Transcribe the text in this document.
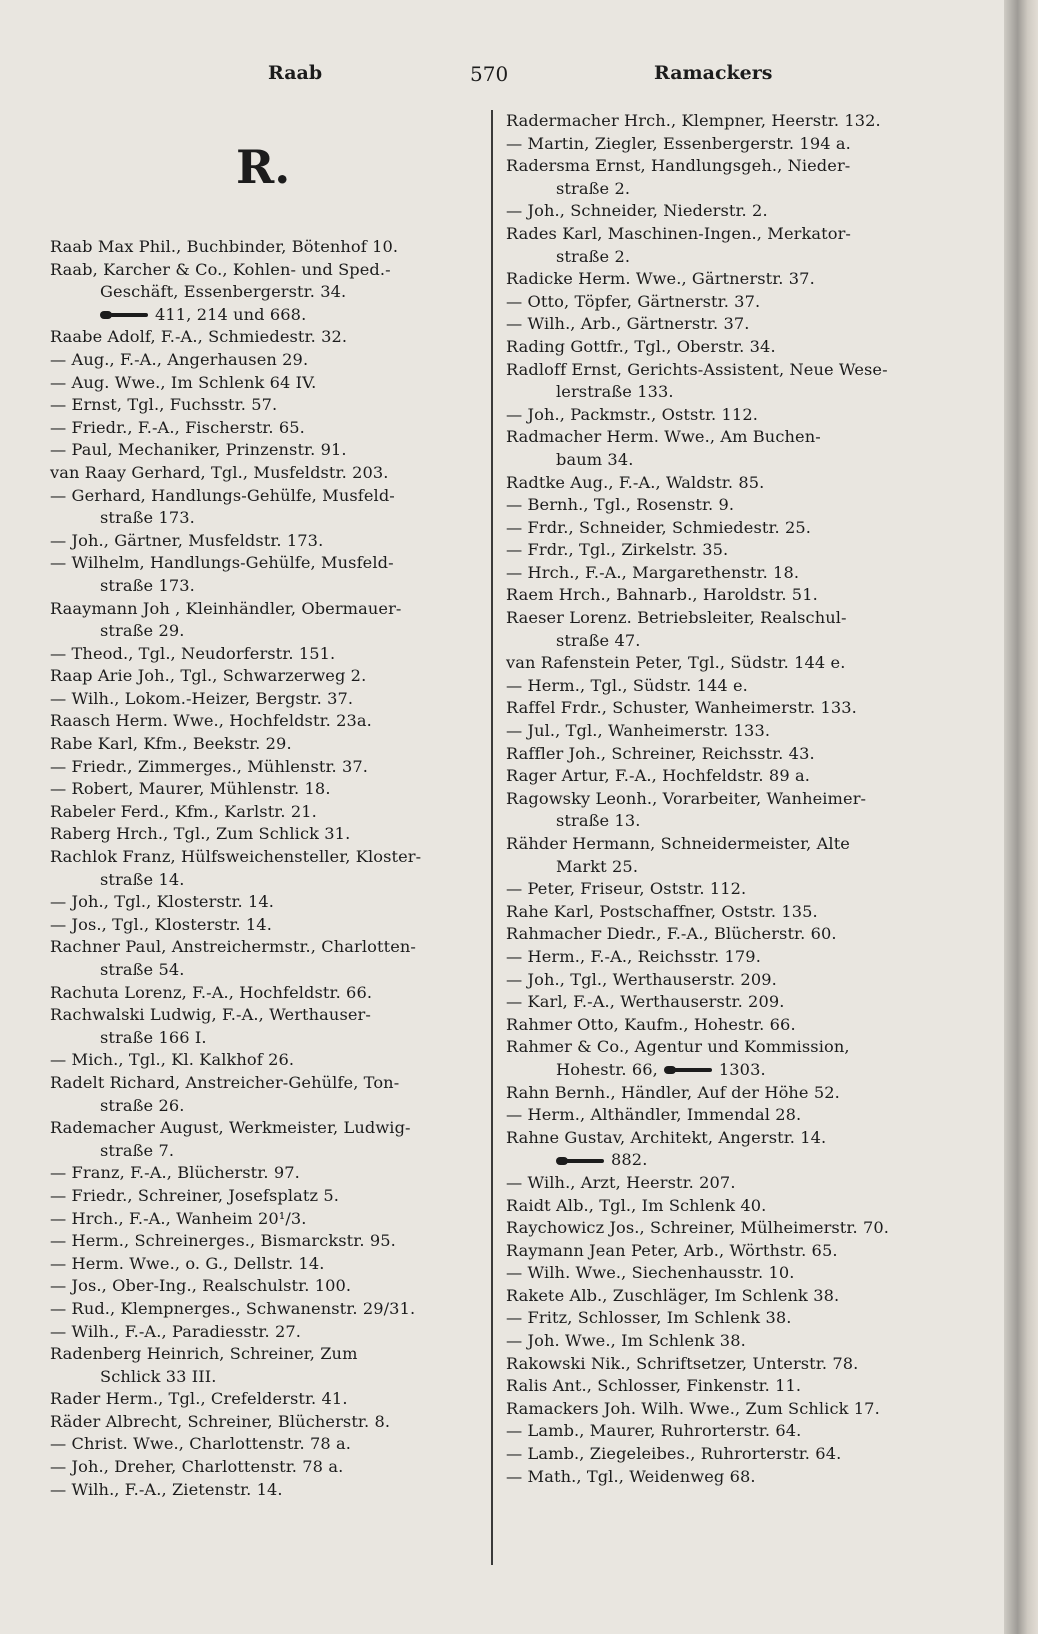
Raab	570	Ramackers
R.

Raab Max Phil., Buchbinder, Bötenhof 10.

Raab, Karcher & Co., Kohlen- und Sped.-
Geschäft, Essenbergerstr. 34.

411, 214 und 668.

Raabe Adolf, F.-A., Schmiedestr. 32.

— Aug., F.-A., Angerhausen 29.

— Aug. Wwe., Im Schlenk 64 IV.

— Ernst, Tgl., Fuchsstr. 57.

— Friedr., F.-A., Fischerstr. 65.

— Paul, Mechaniker, Prinzenstr. 91.

van Raay Gerhard, Tgl., Musfeldstr. 203.

— Gerhard, Handlungs-Gehülfe, Musfeld-
straße 173.

— Joh., Gärtner, Musfeldstr. 173.

— Wilhelm, Handlungs-Gehülfe, Musfeld-
straße 173.

Raaymann Joh , Kleinhändler, Obermauer-
straße 29.

— Theod., Tgl., Neudorferstr. 151.

Raap Arie Joh., Tgl., Schwarzerweg 2.

— Wilh., Lokom.-Heizer, Bergstr. 37.

Raasch Herm. Wwe., Hochfeldstr. 23a.

Rabe Karl, Kfm., Beekstr. 29.

— Friedr., Zimmerges., Mühlenstr. 37.

— Robert, Maurer, Mühlenstr. 18.

Rabeler Ferd., Kfm., Karlstr. 21.

Raberg Hrch., Tgl., Zum Schlick 31.

Rachlok Franz, Hülfsweichensteller, Kloster-
straße 14.

— Joh., Tgl., Klosterstr. 14.

— Jos., Tgl., Klosterstr. 14.

Rachner Paul, Anstreichermstr., Charlotten-
straße 54.

Rachuta Lorenz, F.-A., Hochfeldstr. 66.

Rachwalski Ludwig, F.-A., Werthauser-
straße 166 I.

— Mich., Tgl., Kl. Kalkhof 26.

Radelt Richard, Anstreicher-Gehülfe, Ton-
straße 26.

Rademacher August, Werkmeister, Ludwig-
straße 7.

— Franz, F.-A., Blücherstr. 97.

— Friedr., Schreiner, Josefsplatz 5.

— Hrch., F.-A., Wanheim 20¹/3.

— Herm., Schreinerges., Bismarckstr. 95.

— Herm. Wwe., o. G., Dellstr. 14.

— Jos., Ober-Ing., Realschulstr. 100.

— Rud., Klempnerges., Schwanenstr. 29/31.

— Wilh., F.-A., Paradiesstr. 27.

Radenberg Heinrich, Schreiner, Zum
Schlick 33 III.

Rader Herm., Tgl., Crefelderstr. 41.

Räder Albrecht, Schreiner, Blücherstr. 8.

— Christ. Wwe., Charlottenstr. 78 a.

— Joh., Dreher, Charlottenstr. 78 a.

— Wilh., F.-A., Zietenstr. 14.

Radermacher Hrch., Klempner, Heerstr. 132.

— Martin, Ziegler, Essenbergerstr. 194 a.

Radersma Ernst, Handlungsgeh., Nieder-
straße 2.

— Joh., Schneider, Niederstr. 2.

Rades Karl, Maschinen-Ingen., Merkator-
straße 2.

Radicke Herm. Wwe., Gärtnerstr. 37.

— Otto, Töpfer, Gärtnerstr. 37.

— Wilh., Arb., Gärtnerstr. 37.

Rading Gottfr., Tgl., Oberstr. 34.

Radloff Ernst, Gerichts-Assistent, Neue Wese-
lerstraße 133.

— Joh., Packmstr., Oststr. 112.

Radmacher Herm. Wwe., Am Buchen-
baum 34.

Radtke Aug., F.-A., Waldstr. 85.

— Bernh., Tgl., Rosenstr. 9.

— Frdr., Schneider, Schmiedestr. 25.

— Frdr., Tgl., Zirkelstr. 35.

— Hrch., F.-A., Margarethenstr. 18.

Raem Hrch., Bahnarb., Haroldstr. 51.

Raeser Lorenz. Betriebsleiter, Realschul-
straße 47.

van Rafenstein Peter, Tgl., Südstr. 144 e.

— Herm., Tgl., Südstr. 144 e.

Raffel Frdr., Schuster, Wanheimerstr. 133.

— Jul., Tgl., Wanheimerstr. 133.

Raffler Joh., Schreiner, Reichsstr. 43.

Rager Artur, F.-A., Hochfeldstr. 89 a.

Ragowsky Leonh., Vorarbeiter, Wanheimer-
straße 13.

Rähder Hermann, Schneidermeister, Alte
Markt 25.

— Peter, Friseur, Oststr. 112.

Rahe Karl, Postschaffner, Oststr. 135.

Rahmacher Diedr., F.-A., Blücherstr. 60.

— Herm., F.-A., Reichsstr. 179.

— Joh., Tgl., Werthauserstr. 209.

— Karl, F.-A., Werthauserstr. 209.

Rahmer Otto, Kaufm., Hohestr. 66.

Rahmer & Co., Agentur und Kommission,
Hohestr. 66,	1303.

Rahn Bernh., Händler, Auf der Höhe 52.

— Herm., Althändler, Immendal 28.

Rahne Gustav, Architekt, Angerstr. 14.

882.

— Wilh., Arzt, Heerstr. 207.

Raidt Alb., Tgl., Im Schlenk 40.

Raychowicz Jos., Schreiner, Mülheimerstr. 70.

Raymann Jean Peter, Arb., Wörthstr. 65.

— Wilh. Wwe., Siechenhausstr. 10.

Rakete Alb., Zuschläger, Im Schlenk 38.

— Fritz, Schlosser, Im Schlenk 38.

— Joh. Wwe., Im Schlenk 38.

Rakowski Nik., Schriftsetzer, Unterstr. 78.

Ralis Ant., Schlosser, Finkenstr. 11.

Ramackers Joh. Wilh. Wwe., Zum Schlick 17.

— Lamb., Maurer, Ruhrorterstr. 64.

— Lamb., Ziegeleibes., Ruhrorterstr. 64.

— Math., Tgl., Weidenweg 68.
